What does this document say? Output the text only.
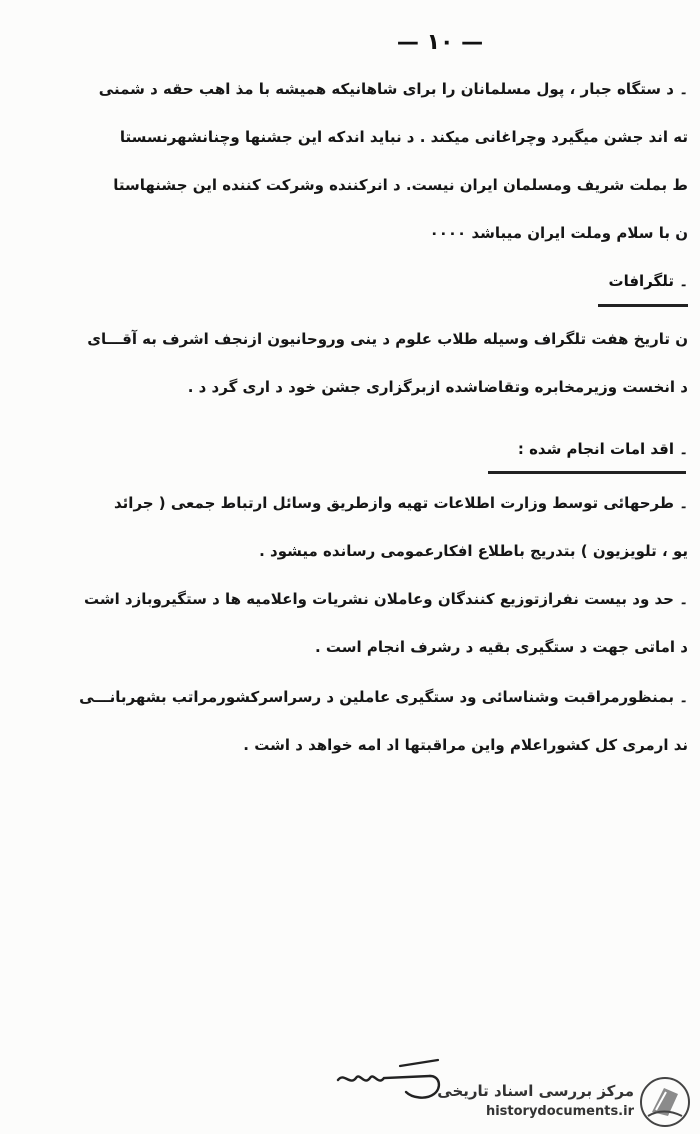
— ۱۰ —
۔ د ستگاه جبار ، پول مسلمانان را برای شاهانیکه همیشه با مذ اهب حقه د شمنی
ته اند جشن میگیرد وچراغانی میکند . د نباید اندکه این جشنها وچنانشهرنسستا
ط بملت شریف ومسلمان ایران نیست. د انرکننده وشرکت کننده این جشنهاستا
ن با سلام وملت ایران میباشد ۰۰۰۰
۔ تلگرافات
ن تاریخ هفت تلگراف وسیله طلاب علوم د ینی وروحانیون ازنجف اشرف به آقـــای
د انخست وزیرمخابره وتقاضاشده ازبرگزاری جشن خود د اری گرد د .
۔ اقد امات انجام شده :
۔ طرحهائی توسط وزارت اطلاعات تهیه وازطریق وسائل ارتباط جمعی ( جرائد
یو ، تلویزیون ) بتدریج باطلاع افکارعمومی رسانده میشود .
۔ حد ود بیست نفرازتوزیع کنندگان وعاملان نشریات واعلامیه ها د ستگیروبازد اشت
د اماتی جهت د ستگیری بقیه د رشرف انجام است .
۔ بمنظورمراقبت وشناسائی ود ستگیری عاملین د رسراسرکشورمراتب بشهربانـــی
ند ارمری کل کشوراعلام واین مراقبتها اد امه خواهد د اشت .
مرکز بررسی اسناد تاریخی
historydocuments.ir
